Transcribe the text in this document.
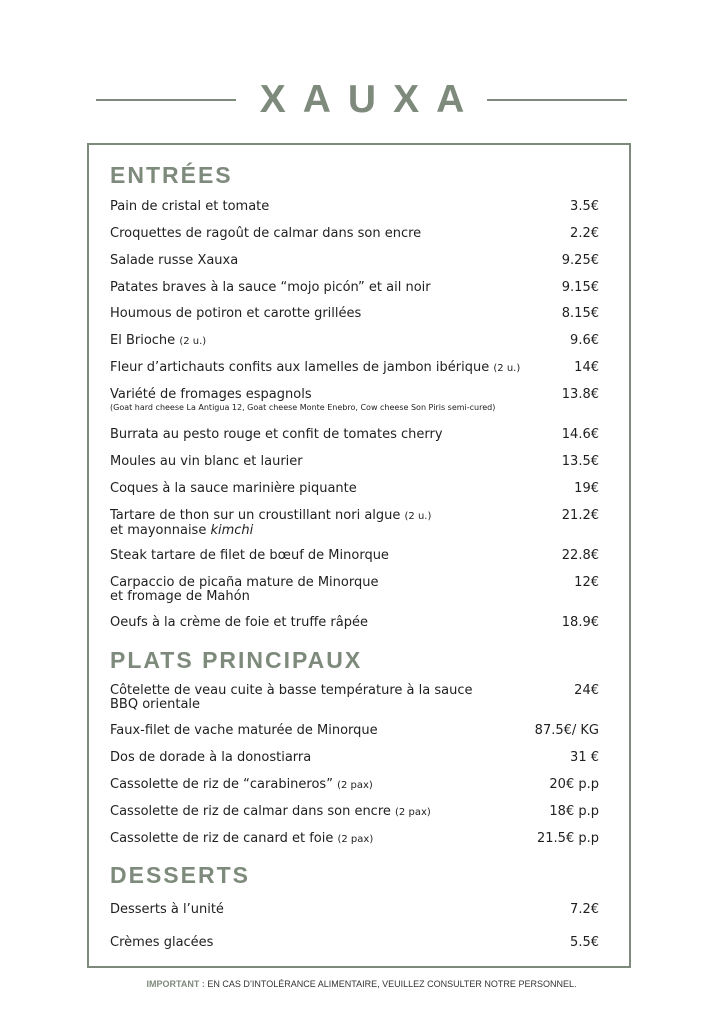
XAUXA
ENTRÉES
Pain de cristal et tomate	3.5€
Croquettes de ragoût de calmar dans son encre	2.2€
Salade russe Xauxa	9.25€
Patates braves à la sauce “mojo picón” et ail noir	9.15€
Houmous de potiron et carotte grillées	8.15€
El Brioche (2 u.)	9.6€
Fleur d’artichauts confits aux lamelles de jambon ibérique (2 u.)	14€
Variété de fromages espagnols
(Goat hard cheese La Antigua 12, Goat cheese Monte Enebro, Cow cheese Son Piris semi-cured)
13.8€
Burrata au pesto rouge et confit de tomates cherry	14.6€
Moules au vin blanc et laurier	13.5€
Coques à la sauce marinière piquante	19€
Tartare de thon sur un croustillant nori algue (2 u.)
et mayonnaise kimchi
21.2€
Steak tartare de filet de bœuf de Minorque	22.8€
Carpaccio de picaña mature de Minorque
et fromage de Mahón
12€
Oeufs à la crème de foie et truffe râpée	18.9€
PLATS PRINCIPAUX
Côtelette de veau cuite à basse température à la sauce
BBQ orientale
24€
Faux-filet de vache maturée de Minorque	87.5€/ KG
Dos de dorade à la donostiarra	31 €
Cassolette de riz de “carabineros” (2 pax)	20€ p.p
Cassolette de riz de calmar dans son encre (2 pax)	18€ p.p
Cassolette de riz de canard et foie (2 pax)	21.5€ p.p
DESSERTS
Desserts à l’unité	7.2€
Crèmes glacées	5.5€
IMPORTANT : EN CAS D’INTOLÉRANCE ALIMENTAIRE, VEUILLEZ CONSULTER NOTRE PERSONNEL.
